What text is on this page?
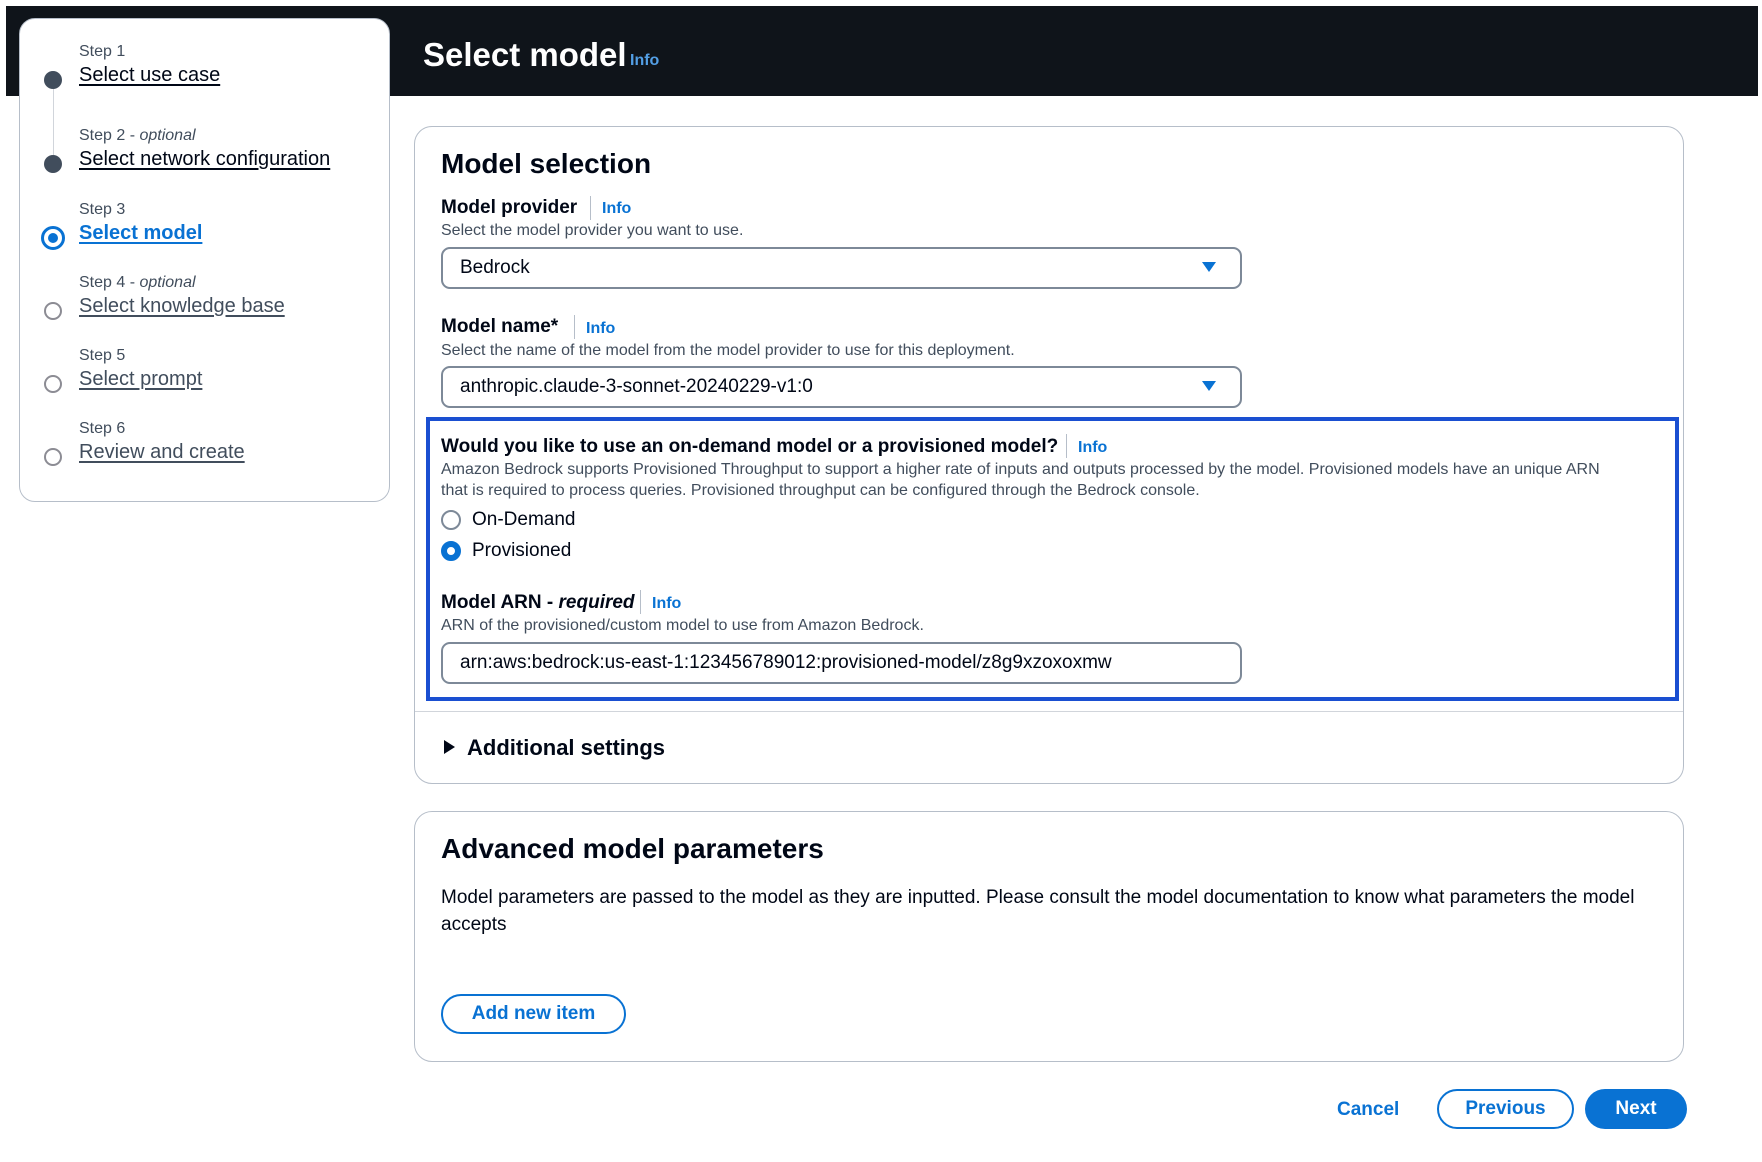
Select model Info
Step 1
Select use case
Step 2 - optional
Select network configuration
Step 3
Select model
Step 4 - optional
Select knowledge base
Step 5
Select prompt
Step 6
Review and create
Model selection
Model provider Info
Select the model provider you want to use.
Bedrock
Model name* Info
Select the name of the model from the model provider to use for this deployment.
anthropic.claude-3-sonnet-20240229-v1:0
Would you like to use an on-demand model or a provisioned model? Info
Amazon Bedrock supports Provisioned Throughput to support a higher rate of inputs and outputs processed by the model. Provisioned models have an unique ARN
that is required to process queries. Provisioned throughput can be configured through the Bedrock console.
On-Demand
Provisioned
Model ARN - required Info
ARN of the provisioned/custom model to use from Amazon Bedrock.
arn:aws:bedrock:us-east-1:123456789012:provisioned-model/z8g9xzoxoxmw
Additional settings
Advanced model parameters
Model parameters are passed to the model as they are inputted. Please consult the model documentation to know what parameters the model
accepts
Add new item
Cancel	Previous	Next
